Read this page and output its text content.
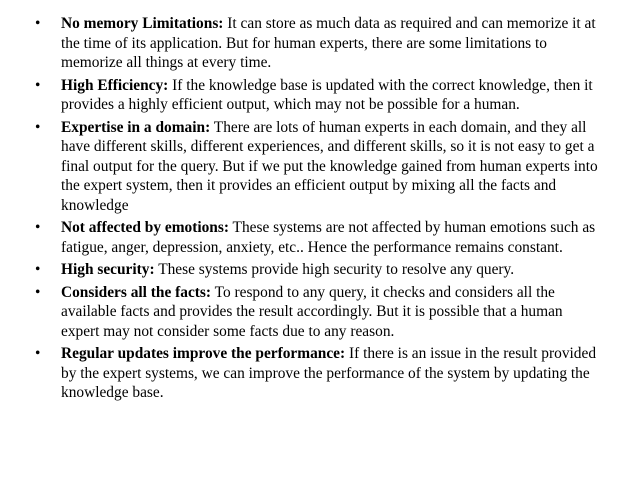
•	No memory Limitations: It can store as much data as required and can memorize it at the time of its application. But for human experts, there are some limitations to memorize all things at every time.
•	High Efficiency: If the knowledge base is updated with the correct knowledge, then it provides a highly efficient output, which may not be possible for a human.
•	Expertise in a domain: There are lots of human experts in each domain, and they all have different skills, different experiences, and different skills, so it is not easy to get a final output for the query. But if we put the knowledge gained from human experts into the expert system, then it provides an efficient output by mixing all the facts and knowledge
•	Not affected by emotions: These systems are not affected by human emotions such as fatigue, anger, depression, anxiety, etc.. Hence the performance remains constant.
•	High security: These systems provide high security to resolve any query.
•	Considers all the facts: To respond to any query, it checks and considers all the available facts and provides the result accordingly. But it is possible that a human expert may not consider some facts due to any reason.
•	Regular updates improve the performance: If there is an issue in the result provided by the expert systems, we can improve the performance of the system by updating the knowledge base.
